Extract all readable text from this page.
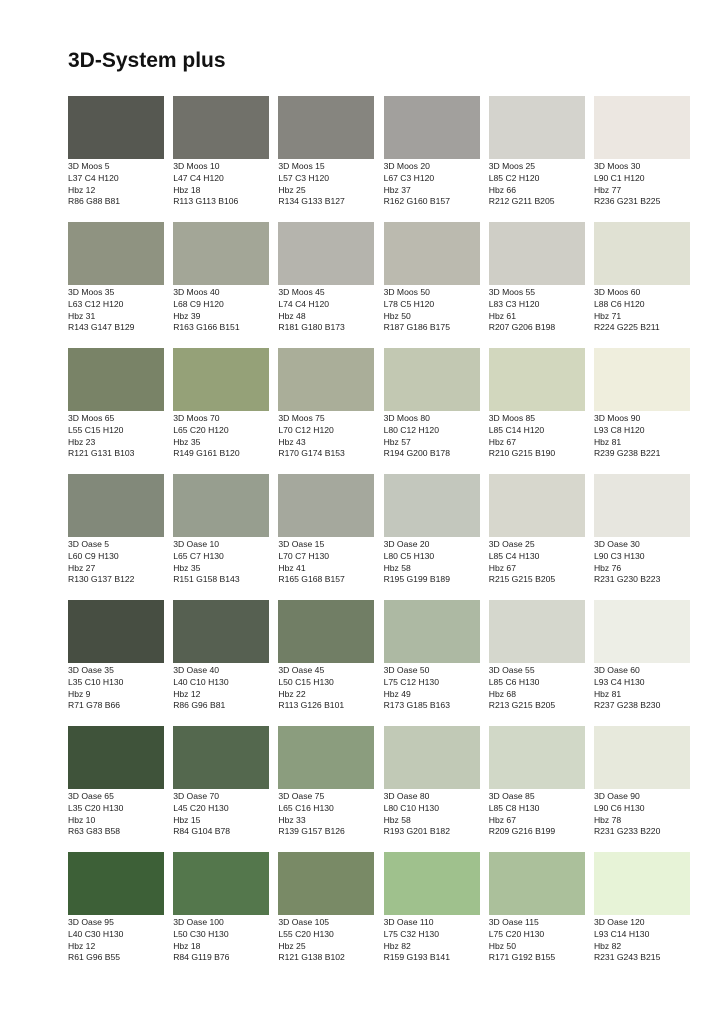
3D-System plus
3D Moos 5
L37 C4 H120
Hbz 12
R86 G88 B81
3D Moos 10
L47 C4 H120
Hbz 18
R113 G113 B106
3D Moos 15
L57 C3 H120
Hbz 25
R134 G133 B127
3D Moos 20
L67 C3 H120
Hbz 37
R162 G160 B157
3D Moos 25
L85 C2 H120
Hbz 66
R212 G211 B205
3D Moos 30
L90 C1 H120
Hbz 77
R236 G231 B225
3D Moos 35
L63 C12 H120
Hbz 31
R143 G147 B129
3D Moos 40
L68 C9 H120
Hbz 39
R163 G166 B151
3D Moos 45
L74 C4 H120
Hbz 48
R181 G180 B173
3D Moos 50
L78 C5 H120
Hbz 50
R187 G186 B175
3D Moos 55
L83 C3 H120
Hbz 61
R207 G206 B198
3D Moos 60
L88 C6 H120
Hbz 71
R224 G225 B211
3D Moos 65
L55 C15 H120
Hbz 23
R121 G131 B103
3D Moos 70
L65 C20 H120
Hbz 35
R149 G161 B120
3D Moos 75
L70 C12 H120
Hbz 43
R170 G174 B153
3D Moos 80
L80 C12 H120
Hbz 57
R194 G200 B178
3D Moos 85
L85 C14 H120
Hbz 67
R210 G215 B190
3D Moos 90
L93 C8 H120
Hbz 81
R239 G238 B221
3D Oase 5
L60 C9 H130
Hbz 27
R130 G137 B122
3D Oase 10
L65 C7 H130
Hbz 35
R151 G158 B143
3D Oase 15
L70 C7 H130
Hbz 41
R165 G168 B157
3D Oase 20
L80 C5 H130
Hbz 58
R195 G199 B189
3D Oase 25
L85 C4 H130
Hbz 67
R215 G215 B205
3D Oase 30
L90 C3 H130
Hbz 76
R231 G230 B223
3D Oase 35
L35 C10 H130
Hbz 9
R71 G78 B66
3D Oase 40
L40 C10 H130
Hbz 12
R86 G96 B81
3D Oase 45
L50 C15 H130
Hbz 22
R113 G126 B101
3D Oase 50
L75 C12 H130
Hbz 49
R173 G185 B163
3D Oase 55
L85 C6 H130
Hbz 68
R213 G215 B205
3D Oase 60
L93 C4 H130
Hbz 81
R237 G238 B230
3D Oase 65
L35 C20 H130
Hbz 10
R63 G83 B58
3D Oase 70
L45 C20 H130
Hbz 15
R84 G104 B78
3D Oase 75
L65 C16 H130
Hbz 33
R139 G157 B126
3D Oase 80
L80 C10 H130
Hbz 58
R193 G201 B182
3D Oase 85
L85 C8 H130
Hbz 67
R209 G216 B199
3D Oase 90
L90 C6 H130
Hbz 78
R231 G233 B220
3D Oase 95
L40 C30 H130
Hbz 12
R61 G96 B55
3D Oase 100
L50 C30 H130
Hbz 18
R84 G119 B76
3D Oase 105
L55 C20 H130
Hbz 25
R121 G138 B102
3D Oase 110
L75 C32 H130
Hbz 82
R159 G193 B141
3D Oase 115
L75 C20 H130
Hbz 50
R171 G192 B155
3D Oase 120
L93 C14 H130
Hbz 82
R231 G243 B215
